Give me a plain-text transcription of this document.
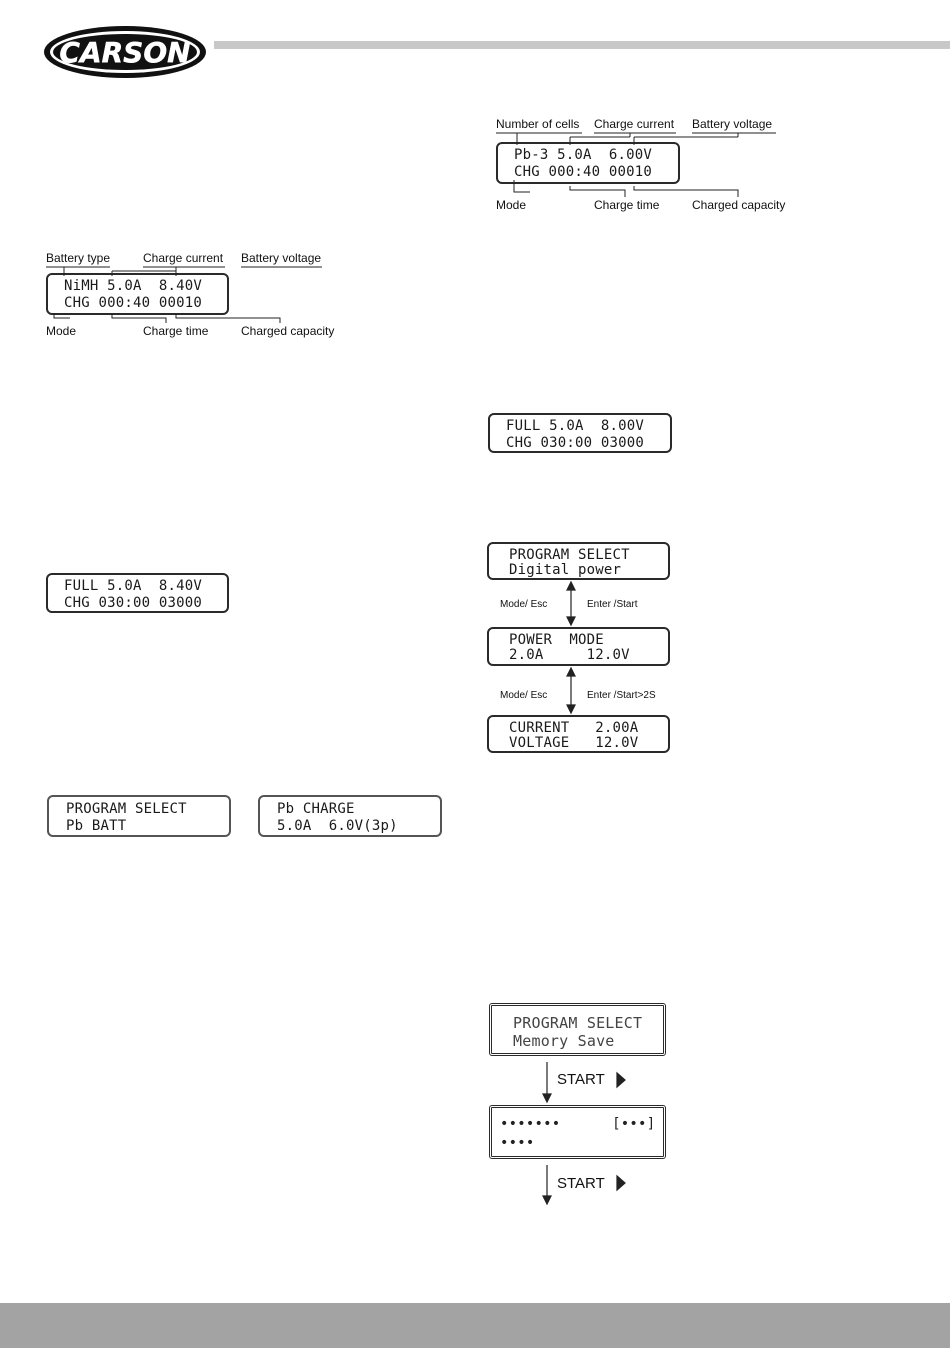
CARSON
Number of cells Charge current Battery voltage
Pb-3 5.0A  6.00V
CHG 000:40 00010
Mode	Charge time	Charged capacity
Battery type	Charge current Battery voltage
NiMH 5.0A  8.40V
CHG 000:40 00010
Mode	Charge time	Charged capacity
FULL 5.0A  8.00V
CHG 030:00 03000
FULL 5.0A  8.40V
CHG 030:00 03000
PROGRAM SELECT
Digital power
Mode/ Esc	Enter /Start
POWER  MODE
2.0A     12.0V
Mode/ Esc	Enter /Start>2S
CURRENT   2.00A
VOLTAGE   12.0V
PROGRAM SELECT
Pb BATT
Pb CHARGE
5.0A  6.0V(3p)
PROGRAM SELECT
Memory Save
START
•••••••      [•••]
••••
START
